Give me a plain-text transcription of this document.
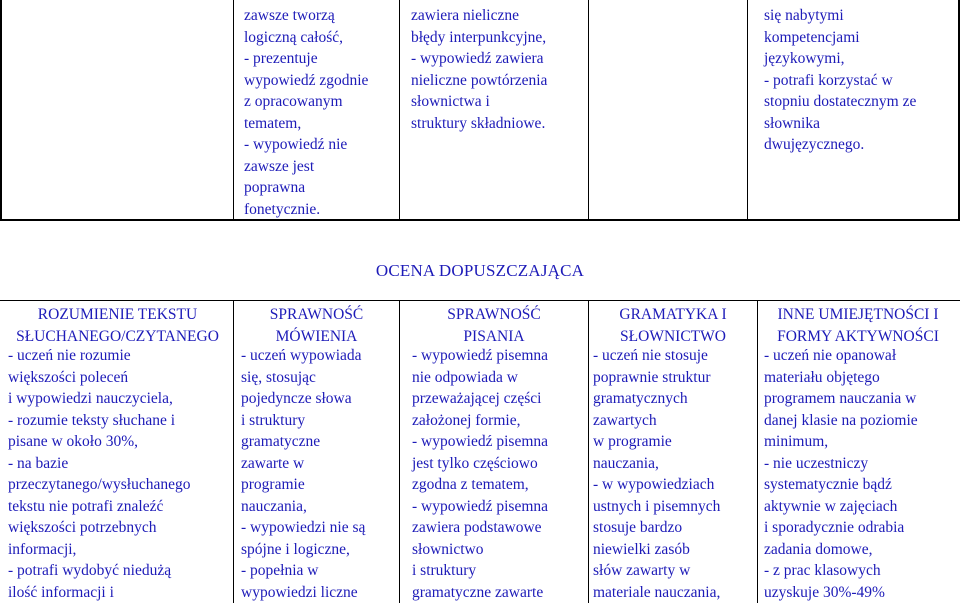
zawsze tworzą
logiczną całość,
- prezentuje
wypowiedź zgodnie
z opracowanym
tematem,
- wypowiedź nie
zawsze jest
poprawna
fonetycznie.
zawiera nieliczne
błędy interpunkcyjne,
- wypowiedź zawiera
nieliczne powtórzenia
słownictwa i
struktury składniowe.
się nabytymi
kompetencjami
językowymi,
- potrafi korzystać w
stopniu dostatecznym ze
słownika
dwujęzycznego.
OCENA DOPUSZCZAJĄCA
ROZUMIENIE TEKSTU
SŁUCHANEGO/CZYTANEGO
SPRAWNOŚĆ
MÓWIENIA
SPRAWNOŚĆ
PISANIA
GRAMATYKA I
SŁOWNICTWO
INNE UMIEJĘTNOŚCI I
FORMY AKTYWNOŚCI
- uczeń nie rozumie
większości poleceń
i wypowiedzi nauczyciela,
- rozumie teksty słuchane i
pisane w około 30%,
- na bazie
przeczytanego/wysłuchanego
tekstu nie potrafi znaleźć
większości potrzebnych
informacji,
- potrafi wydobyć niedużą
ilość informacji i
- uczeń wypowiada
się, stosując
pojedyncze słowa
i struktury
gramatyczne
zawarte w
programie
nauczania,
- wypowiedzi nie są
spójne i logiczne,
- popełnia w
wypowiedzi liczne
- wypowiedź pisemna
nie odpowiada w
przeważającej części
założonej formie,
- wypowiedź pisemna
jest tylko częściowo
zgodna z tematem,
- wypowiedź pisemna
zawiera podstawowe
słownictwo
i struktury
gramatyczne zawarte
- uczeń nie stosuje
poprawnie struktur
gramatycznych
zawartych
w programie
nauczania,
- w wypowiedziach
ustnych i pisemnych
stosuje bardzo
niewielki zasób
słów zawarty w
materiale nauczania,
- uczeń nie opanował
materiału objętego
programem nauczania w
danej klasie na poziomie
minimum,
- nie uczestniczy
systematycznie bądź
aktywnie w zajęciach
i sporadycznie odrabia
zadania domowe,
- z prac klasowych
uzyskuje 30%-49%
